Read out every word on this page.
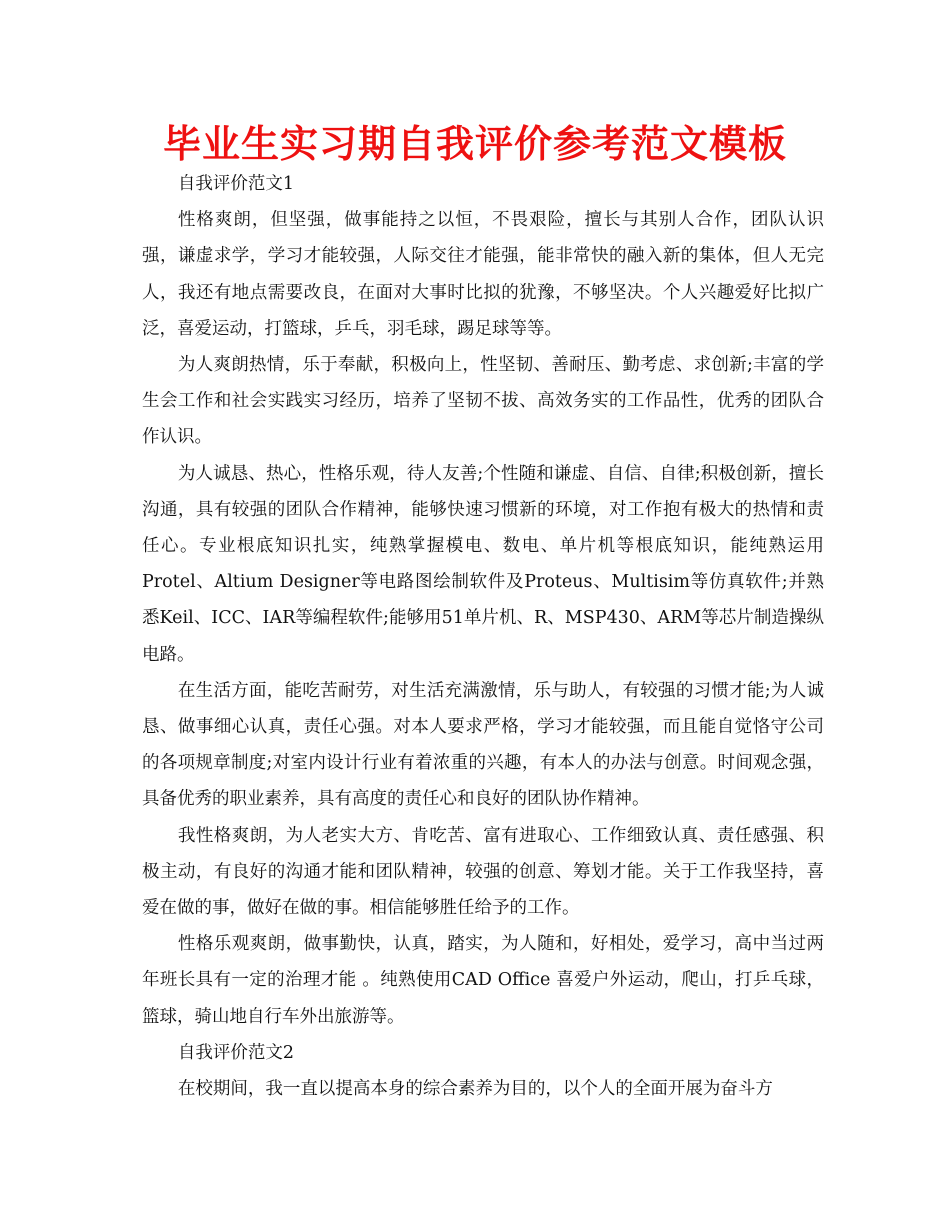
毕业生实习期自我评价参考范文模板

自我评价范文1

性格爽朗，但坚强，做事能持之以恒，不畏艰险，擅长与其别人合作，团队认识强，谦虚求学，学习才能较强，人际交往才能强，能非常快的融入新的集体，但人无完人，我还有地点需要改良，在面对大事时比拟的犹豫，不够坚决。个人兴趣爱好比拟广泛，喜爱运动，打篮球，乒乓，羽毛球，踢足球等等。

为人爽朗热情，乐于奉献，积极向上，性坚韧、善耐压、勤考虑、求创新;丰富的学生会工作和社会实践实习经历，培养了坚韧不拔、高效务实的工作品性，优秀的团队合作认识。

为人诚恳、热心，性格乐观，待人友善;个性随和谦虚、自信、自律;积极创新，擅长沟通，具有较强的团队合作精神，能够快速习惯新的环境，对工作抱有极大的热情和责任心。专业根底知识扎实，纯熟掌握模电、数电、单片机等根底知识，能纯熟运用Protel、Altium Designer等电路图绘制软件及Proteus、Multisim等仿真软件;并熟悉Keil、ICC、IAR等编程软件;能够用51单片机、R、MSP430、ARM等芯片制造操纵电路。

在生活方面，能吃苦耐劳，对生活充满激情，乐与助人，有较强的习惯才能;为人诚恳、做事细心认真，责任心强。对本人要求严格，学习才能较强，而且能自觉恪守公司的各项规章制度;对室内设计行业有着浓重的兴趣，有本人的办法与创意。时间观念强，具备优秀的职业素养，具有高度的责任心和良好的团队协作精神。

我性格爽朗，为人老实大方、肯吃苦、富有进取心、工作细致认真、责任感强、积极主动，有良好的沟通才能和团队精神，较强的创意、筹划才能。关于工作我坚持，喜爱在做的事，做好在做的事。相信能够胜任给予的工作。

性格乐观爽朗，做事勤快，认真，踏实，为人随和，好相处，爱学习，高中当过两年班长具有一定的治理才能 。纯熟使用CAD Office 喜爱户外运动，爬山，打乒乓球，篮球，骑山地自行车外出旅游等。

自我评价范文2

在校期间，我一直以提高本身的综合素养为目的，以个人的全面开展为奋斗方
